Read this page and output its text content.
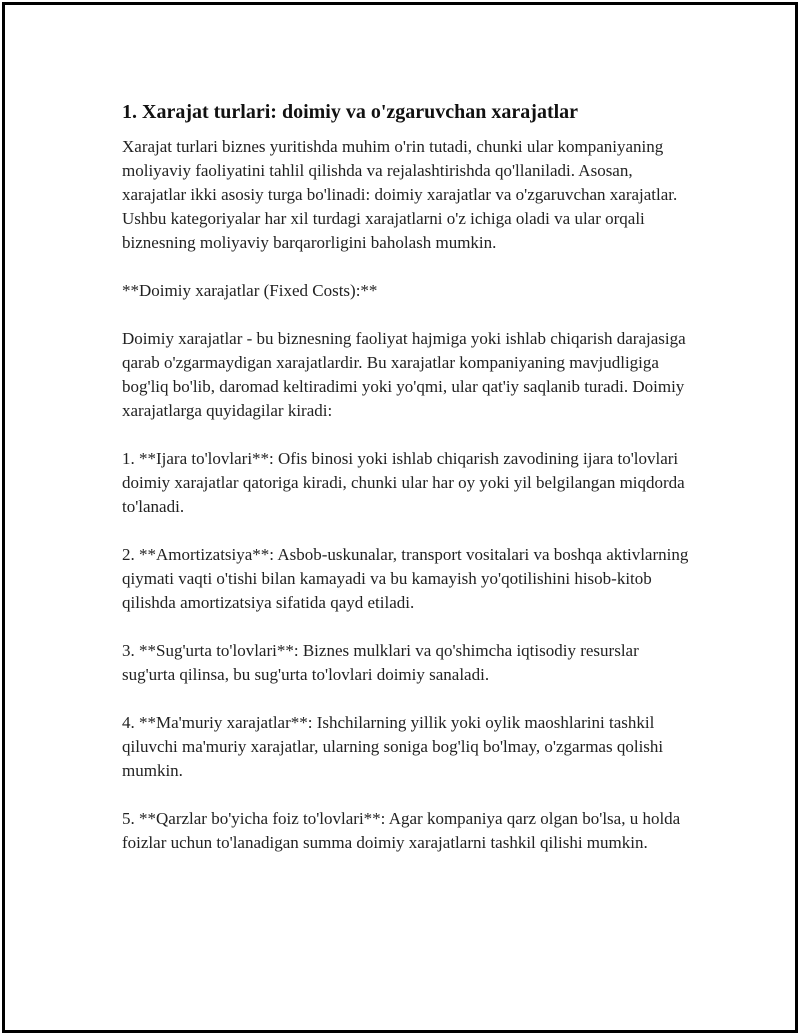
1. Xarajat turlari: doimiy va o'zgaruvchan xarajatlar

Xarajat turlari biznes yuritishda muhim o'rin tutadi, chunki ular kompaniyaning moliyaviy faoliyatini tahlil qilishda va rejalashtirishda qo'llaniladi. Asosan, xarajatlar ikki asosiy turga bo'linadi: doimiy xarajatlar va o'zgaruvchan xarajatlar. Ushbu kategoriyalar har xil turdagi xarajatlarni o'z ichiga oladi va ular orqali biznesning moliyaviy barqarorligini baholash mumkin.

**Doimiy xarajatlar (Fixed Costs):**

Doimiy xarajatlar - bu biznesning faoliyat hajmiga yoki ishlab chiqarish darajasiga qarab o'zgarmaydigan xarajatlardir. Bu xarajatlar kompaniyaning mavjudligiga bog'liq bo'lib, daromad keltiradimi yoki yo'qmi, ular qat'iy saqlanib turadi. Doimiy xarajatlarga quyidagilar kiradi:

1. **Ijara to'lovlari**: Ofis binosi yoki ishlab chiqarish zavodining ijara to'lovlari doimiy xarajatlar qatoriga kiradi, chunki ular har oy yoki yil belgilangan miqdorda to'lanadi.

2. **Amortizatsiya**: Asbob-uskunalar, transport vositalari va boshqa aktivlarning qiymati vaqti o'tishi bilan kamayadi va bu kamayish yo'qotilishini hisob-kitob qilishda amortizatsiya sifatida qayd etiladi.

3. **Sug'urta to'lovlari**: Biznes mulklari va qo'shimcha iqtisodiy resurslar sug'urta qilinsa, bu sug'urta to'lovlari doimiy sanaladi.

4. **Ma'muriy xarajatlar**: Ishchilarning yillik yoki oylik maoshlarini tashkil qiluvchi ma'muriy xarajatlar, ularning soniga bog'liq bo'lmay, o'zgarmas qolishi mumkin.

5. **Qarzlar bo'yicha foiz to'lovlari**: Agar kompaniya qarz olgan bo'lsa, u holda foizlar uchun to'lanadigan summa doimiy xarajatlarni tashkil qilishi mumkin.
